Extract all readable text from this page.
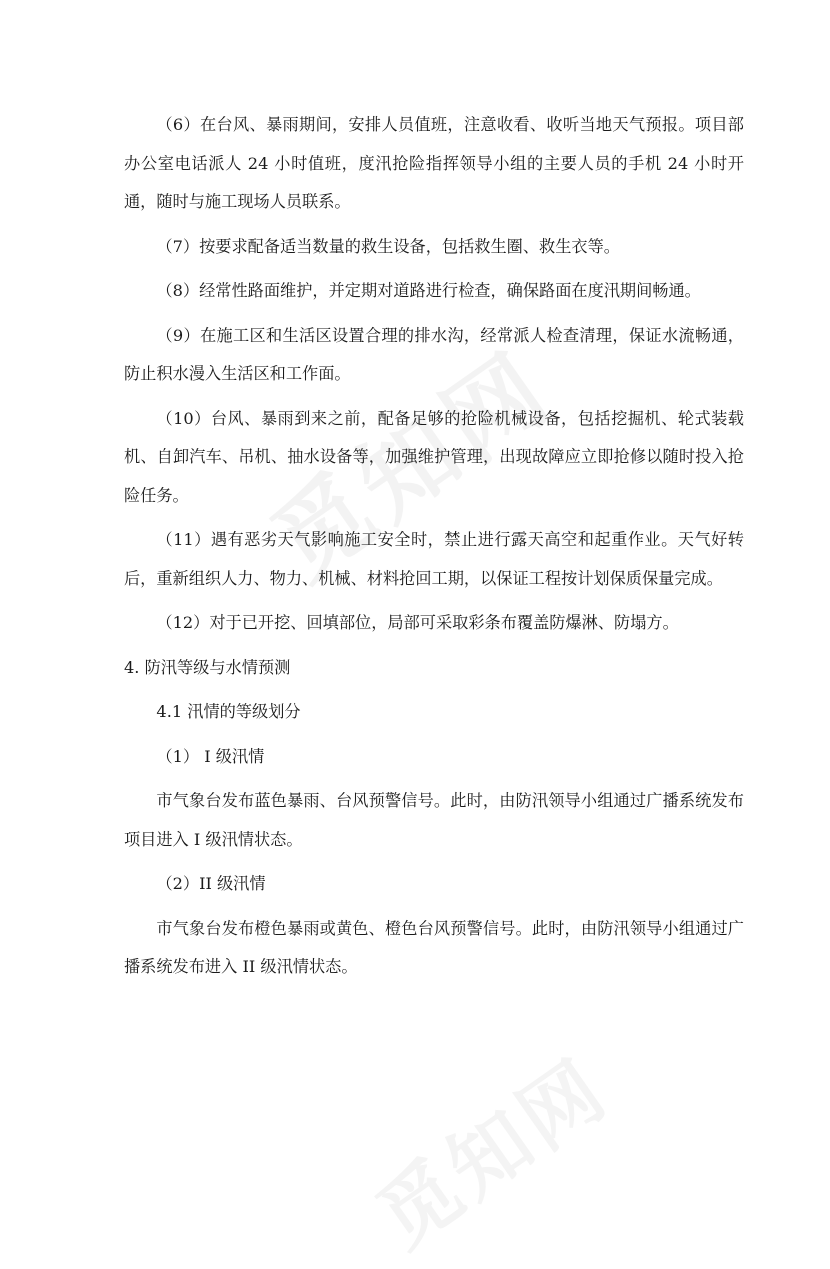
（6）在台风、暴雨期间，安排人员值班，注意收看、收听当地天气预报。项目部办公室电话派人 24 小时值班，度汛抢险指挥领导小组的主要人员的手机 24 小时开通，随时与施工现场人员联系。

（7）按要求配备适当数量的救生设备，包括救生圈、救生衣等。

（8）经常性路面维护，并定期对道路进行检查，确保路面在度汛期间畅通。

（9）在施工区和生活区设置合理的排水沟，经常派人检查清理，保证水流畅通，防止积水漫入生活区和工作面。

（10）台风、暴雨到来之前，配备足够的抢险机械设备，包括挖掘机、轮式装载机、自卸汽车、吊机、抽水设备等，加强维护管理，出现故障应立即抢修以随时投入抢险任务。

（11）遇有恶劣天气影响施工安全时，禁止进行露天高空和起重作业。天气好转后，重新组织人力、物力、机械、材料抢回工期，以保证工程按计划保质保量完成。

（12）对于已开挖、回填部位，局部可采取彩条布覆盖防爆淋、防塌方。

4. 防汛等级与水情预测
4.1 汛情的等级划分
（1） I 级汛情

市气象台发布蓝色暴雨、台风预警信号。此时，由防汛领导小组通过广播系统发布项目进入 I 级汛情状态。

（2）II 级汛情

市气象台发布橙色暴雨或黄色、橙色台风预警信号。此时，由防汛领导小组通过广播系统发布进入 II 级汛情状态。
